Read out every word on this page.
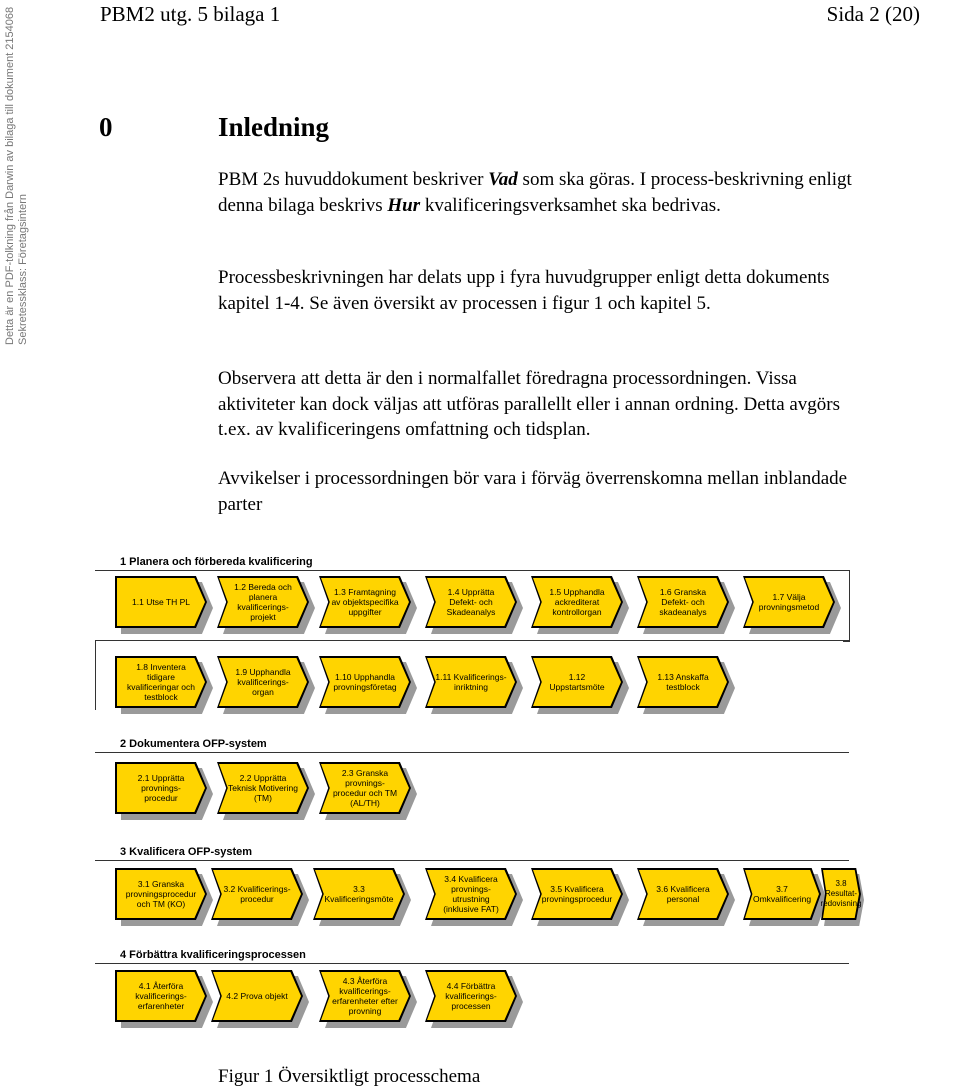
Detta är en PDF-tolkning från Darwin av bilaga till dokument 2154068 Sekretessklass: Företagsintern
PBM2 utg. 5 bilaga 1	Sida 2 (20)
0	Inledning
PBM 2s huvuddokument beskriver Vad som ska göras. I process-beskrivning enligt denna bilaga beskrivs Hur kvalificeringsverksamhet ska bedrivas.
Processbeskrivningen har delats upp i fyra huvudgrupper enligt detta dokuments kapitel 1-4. Se även översikt av processen i figur 1 och kapitel 5.
Observera att detta är den i normalfallet föredragna processordningen. Vissa aktiviteter kan dock väljas att utföras parallellt eller i annan ordning. Detta avgörs t.ex. av kvalificeringens omfattning och tidsplan.
Avvikelser i processordningen bör vara i förväg överrenskomna mellan inblandade parter
1 Planera och förbereda kvalificering
1.1 Utse TH PL
1.2 Bereda och planera kvalificerings-projekt
1.3 Framtagning av objektspecifika uppgifter
1.4 Upprätta Defekt- och Skadeanalys
1.5 Upphandla ackrediterat kontrollorgan
1.6 Granska Defekt- och skadeanalys
1.7 Välja provningsmetod
1.8 Inventera tidigare kvalificeringar och testblock
1.9 Upphandla kvalificerings-organ
1.10 Upphandla provningsföretag
1.11 Kvalificerings-inriktning
1.12 Uppstartsmöte
1.13 Anskaffa testblock
2 Dokumentera OFP-system
2.1 Upprätta provnings-procedur
2.2 Upprätta Teknisk Motivering (TM)
2.3 Granska provnings-procedur och TM (AL/TH)
3 Kvalificera OFP-system
3.1 Granska provningsprocedur och TM (KO)
3.2 Kvalificerings-procedur
3.3 Kvalificeringsmöte
3.4 Kvalificera provnings-utrustning (inklusive FAT)
3.5 Kvalificera provningsprocedur
3.6 Kvalificera personal
3.7 Omkvalificering
3.8 Resultat-redovisning
4 Förbättra kvalificeringsprocessen
4.1 Återföra kvalificerings-erfarenheter
4.2 Prova objekt
4.3 Återföra kvalificerings-erfarenheter efter provning
4.4 Förbättra kvalificerings-processen
Figur 1 Översiktligt processchema
